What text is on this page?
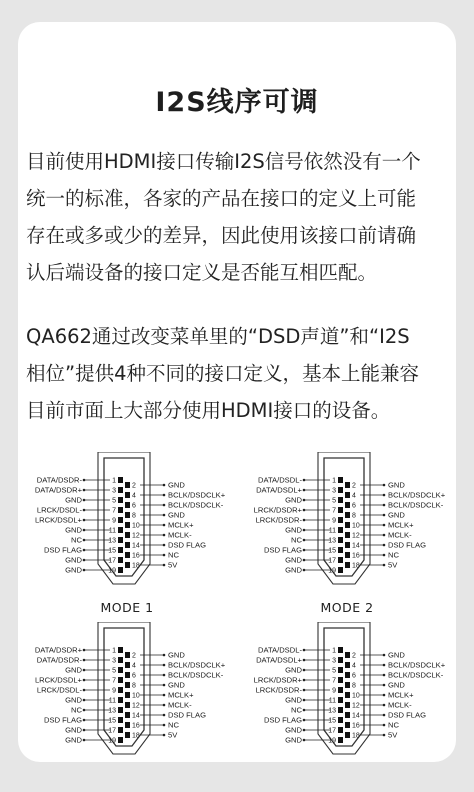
I2S线序可调
目前使用HDMI接口传输I2S信号依然没有一个
统一的标准，各家的产品在接口的定义上可能
存在或多或少的差异，因此使用该接口前请确
认后端设备的接口定义是否能互相匹配。
QA662通过改变菜单里的“DSD声道”和“I2S
相位”提供4种不同的接口定义，基本上能兼容
目前市面上大部分使用HDMI接口的设备。
DATA/DSDR-	1
DATA/DSDR+	3
GND	5
LRCK/DSDL-	7
LRCK/DSDL+	9
GND	11
NC	13
DSD FLAG	15
GND	17
GND	19
2	GND
4	BCLK/DSDCLK+
6	BCLK/DSDCLK-
8	GND
10	MCLK+
12	MCLK-
14	DSD FLAG
16	NC
18	5V
MODE 1
DATA/DSDL-	1
DATA/DSDL+	3
GND	5
LRCK/DSDR+	7
LRCK/DSDR-	9
GND	11
NC	13
DSD FLAG	15
GND	17
GND	19
2	GND
4	BCLK/DSDCLK+
6	BCLK/DSDCLK-
8	GND
10	MCLK+
12	MCLK-
14	DSD FLAG
16	NC
18	5V
MODE 2
DATA/DSDR+	1
DATA/DSDR-	3
GND	5
LRCK/DSDL+	7
LRCK/DSDL-	9
GND	11
NC	13
DSD FLAG	15
GND	17
GND	19
2	GND
4	BCLK/DSDCLK+
6	BCLK/DSDCLK-
8	GND
10	MCLK+
12	MCLK-
14	DSD FLAG
16	NC
18	5V
DATA/DSDL-	1
DATA/DSDL+	3
GND	5
LRCK/DSDR+	7
LRCK/DSDR-	9
GND	11
NC	13
DSD FLAG	15
GND	17
GND	19
2	GND
4	BCLK/DSDCLK+
6	BCLK/DSDCLK-
8	GND
10	MCLK+
12	MCLK-
14	DSD FLAG
16	NC
18	5V
